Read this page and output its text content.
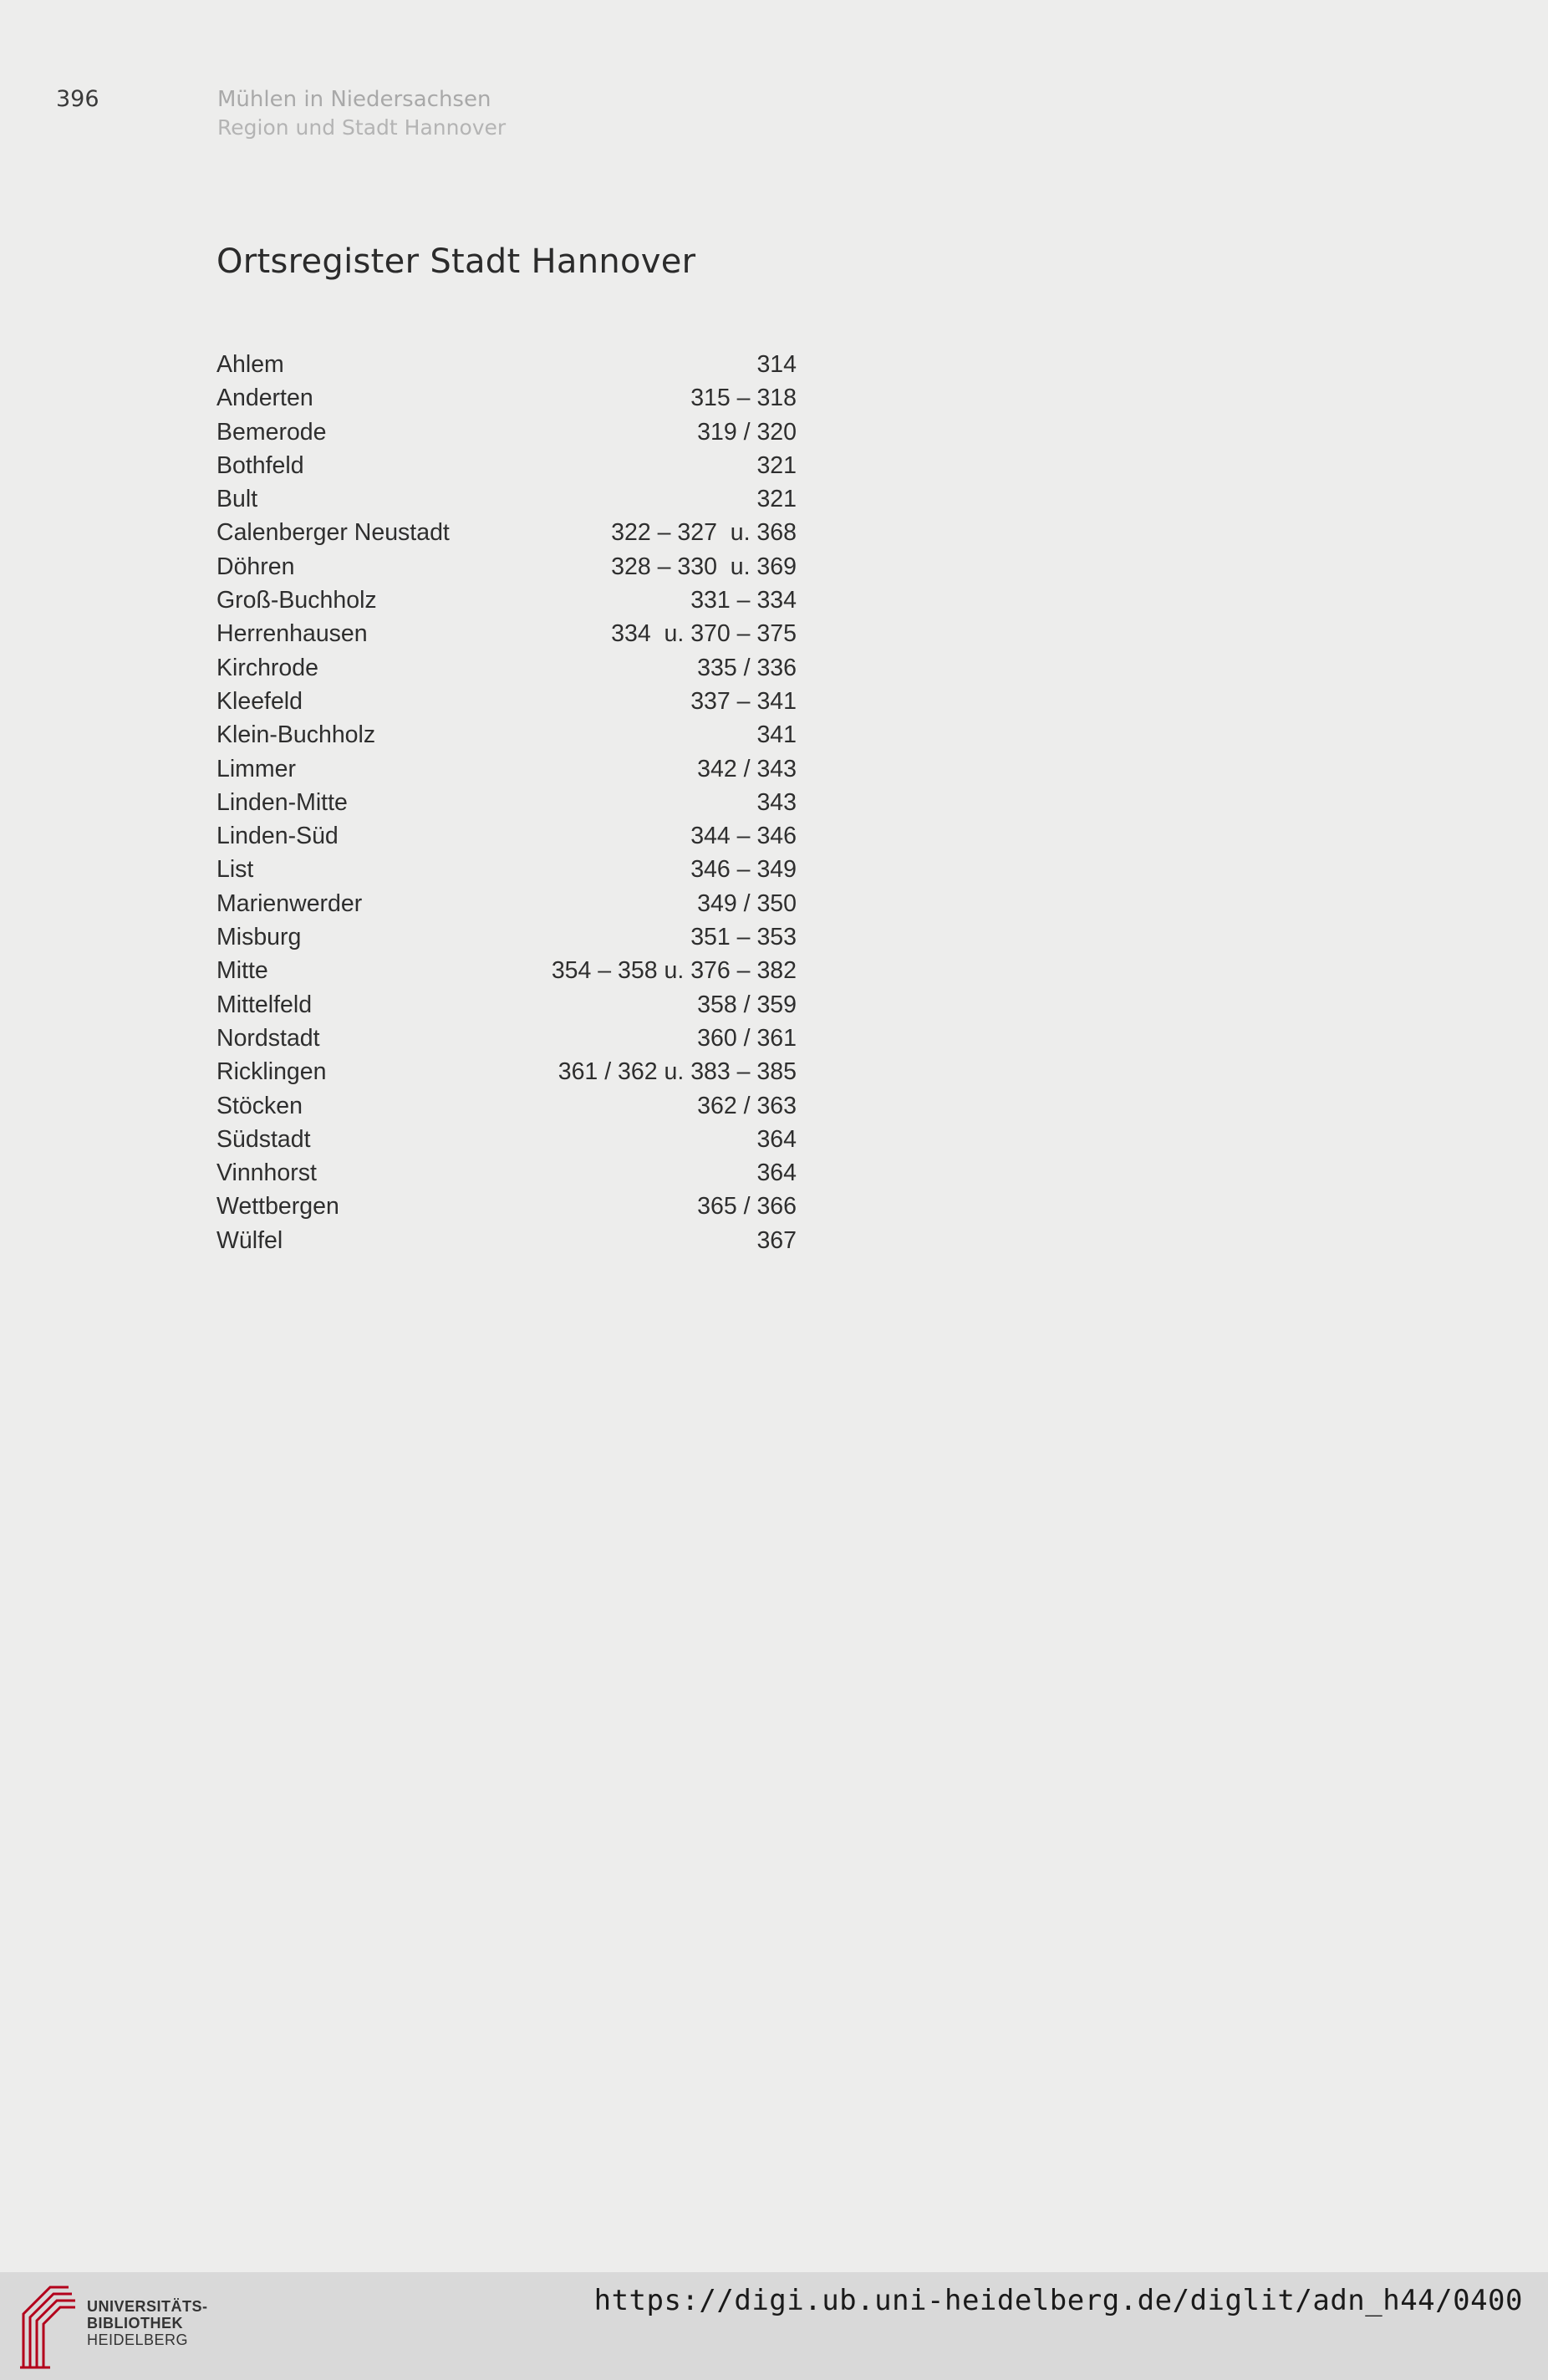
396	Mühlen in Niedersachsen
Region und Stadt Hannover
Ortsregister Stadt Hannover
Ahlem	314
Anderten	315 – 318
Bemerode	319 / 320
Bothfeld	321
Bult	321
Calenberger Neustadt	322 – 327  u. 368
Döhren	328 – 330  u. 369
Groß-Buchholz	331 – 334
Herrenhausen	334  u. 370 – 375
Kirchrode	335 / 336
Kleefeld	337 – 341
Klein-Buchholz	341
Limmer	342 / 343
Linden-Mitte	343
Linden-Süd	344 – 346
List	346 – 349
Marienwerder	349 / 350
Misburg	351 – 353
Mitte	354 – 358 u. 376 – 382
Mittelfeld	358 / 359
Nordstadt	360 / 361
Ricklingen	361 / 362 u. 383 – 385
Stöcken	362 / 363
Südstadt	364
Vinnhorst	364
Wettbergen	365 / 366
Wülfel	367
UNIVERSITÄTS-
BIBLIOTHEK
HEIDELBERG
https://digi.ub.uni-heidelberg.de/diglit/adn_h44/0400
